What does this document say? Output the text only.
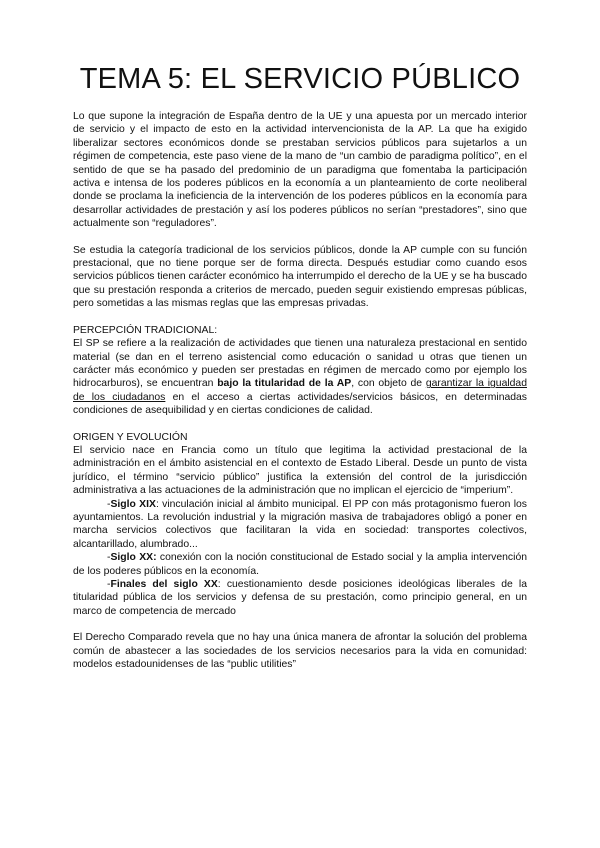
TEMA 5: EL SERVICIO PÚBLICO

Lo que supone la integración de España dentro de la UE y una apuesta por un mercado interior de servicio y el impacto de esto en la actividad intervencionista de la AP. La que ha exigido liberalizar sectores económicos donde se prestaban servicios públicos para sujetarlos a un régimen de competencia, este paso viene de la mano de “un cambio de paradigma político”, en el sentido de que se ha pasado del predominio de un paradigma que fomentaba la participación activa e intensa de los poderes públicos en la economía a un planteamiento de corte neoliberal donde se proclama la ineficiencia de la intervención de los poderes públicos en la economía para desarrollar actividades de prestación y así los poderes públicos no serían “prestadores”, sino que actualmente son “reguladores”.

Se estudia la categoría tradicional de los servicios públicos, donde la AP cumple con su función prestacional, que no tiene porque ser de forma directa. Después estudiar como cuando esos servicios públicos tienen carácter económico ha interrumpido el derecho de la UE y se ha buscado que su prestación responda a criterios de mercado, pueden seguir existiendo empresas públicas, pero sometidas a las mismas reglas que las empresas privadas.

PERCEPCIÓN TRADICIONAL:

El SP se refiere a la realización de actividades que tienen una naturaleza prestacional en sentido material (se dan en el terreno asistencial como educación o sanidad u otras que tienen un carácter más económico y pueden ser prestadas en régimen de mercado como por ejemplo los hidrocarburos), se encuentran bajo la titularidad de la AP, con objeto de garantizar la igualdad de los ciudadanos en el acceso a ciertas actividades/servicios básicos, en determinadas condiciones de asequibilidad y en ciertas condiciones de calidad.

ORIGEN Y EVOLUCIÓN

El servicio nace en Francia como un título que legitima la actividad prestacional de la administración en el ámbito asistencial en el contexto de Estado Liberal. Desde un punto de vista jurídico, el término “servicio público” justifica la extensión del control de la jurisdicción administrativa a las actuaciones de la administración que no implican el ejercicio de “imperium”.

-Siglo XIX: vinculación inicial al ámbito municipal. El PP con más protagonismo fueron los ayuntamientos. La revolución industrial y la migración masiva de trabajadores obligó a poner en marcha servicios colectivos que facilitaran la vida en sociedad: transportes colectivos, alcantarillado, alumbrado...

-Siglo XX: conexión con la noción constitucional de Estado social y la amplia intervención de los poderes públicos en la economía.

-Finales del siglo XX: cuestionamiento desde posiciones ideológicas liberales de la titularidad pública de los servicios y defensa de su prestación, como principio general, en un marco de competencia de mercado

El Derecho Comparado revela que no hay una única manera de afrontar la solución del problema común de abastecer a las sociedades de los servicios necesarios para la vida en comunidad: modelos estadounidenses de las “public utilities”
